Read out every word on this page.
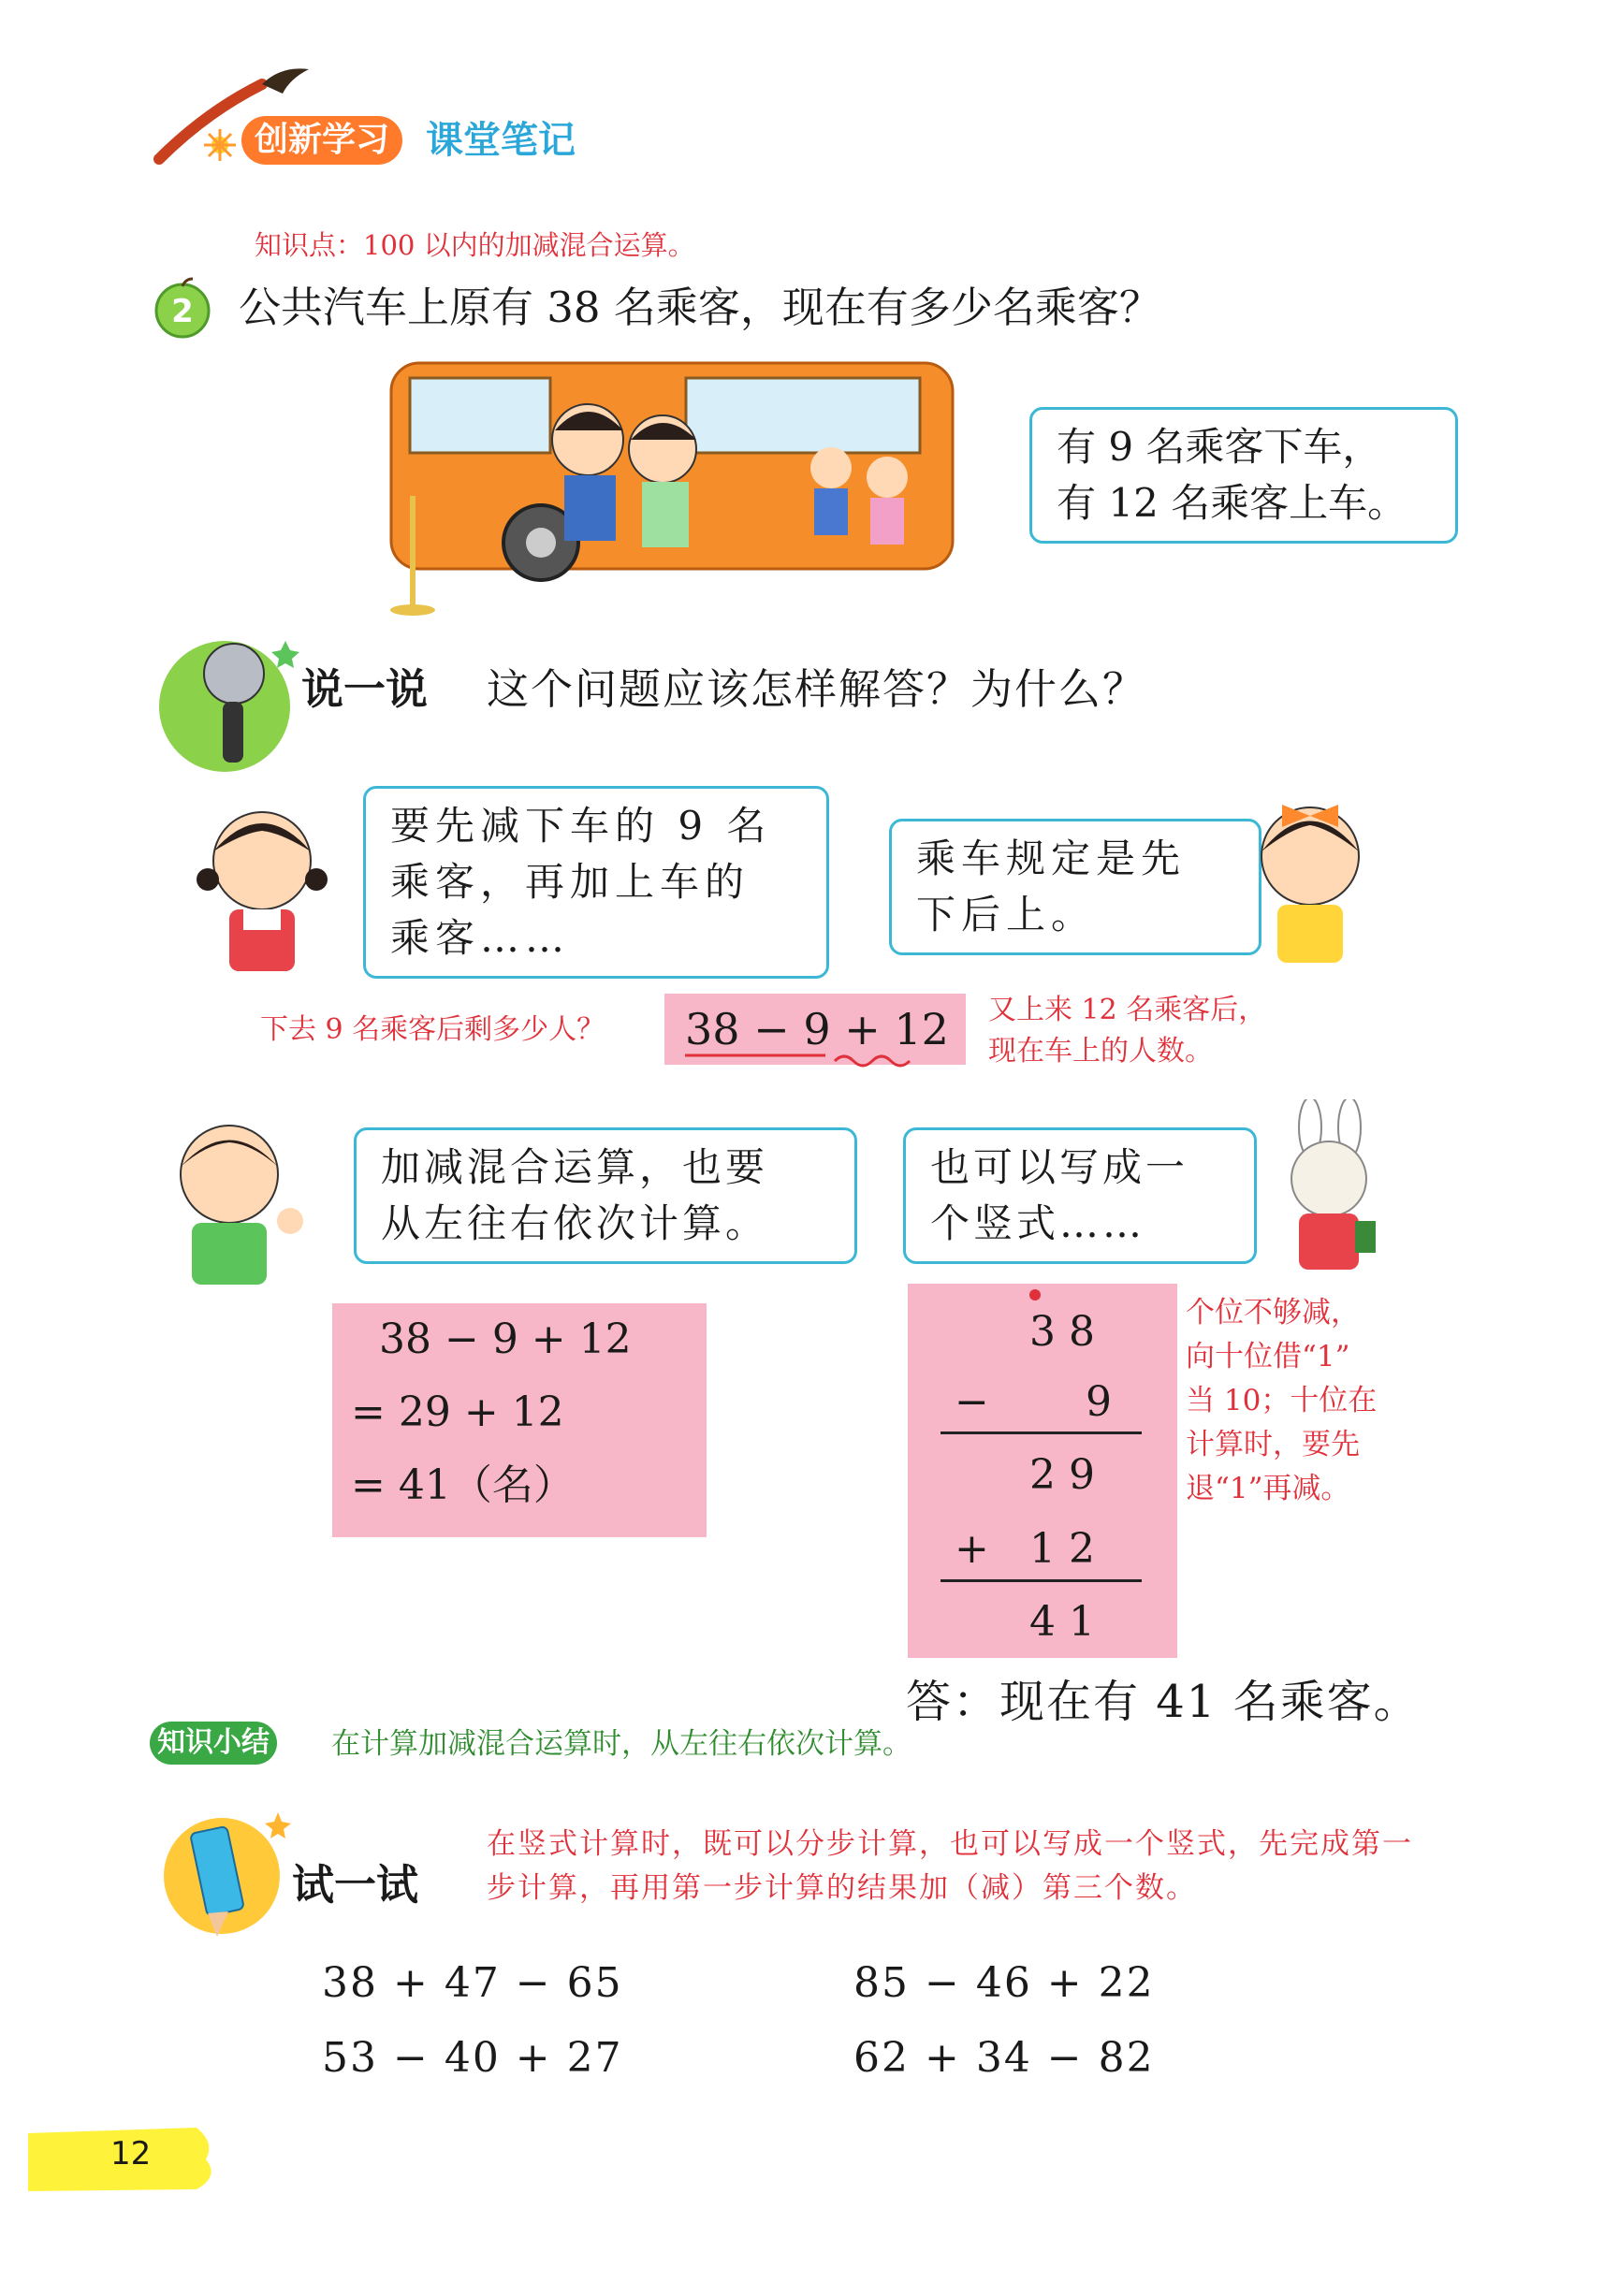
创新学习 课堂笔记
知识点：100 以内的加减混合运算。
2 公共汽车上原有 38 名乘客，现在有多少名乘客？
有 9 名乘客下车，
有 12 名乘客上车。
说一说 这个问题应该怎样解答？为什么？
要先减下车的 9 名
乘客，再加上车的
乘客……
乘车规定是先
下后上。
下去 9 名乘客后剩多少人？ 38 − 9 + 12 又上来 12 名乘客后，
现在车上的人数。
加减混合运算，也要
从左往右依次计算。
也可以写成一
个竖式……
38 − 9 + 12
= 29 + 12
= 41（名）
3 8
− 9
2 9
+ 1 2
4 1
个位不够减，
向十位借“1”
当 10；十位在
计算时，要先
退“1”再减。
答：现在有 41 名乘客。
知识小结 在计算加减混合运算时，从左往右依次计算。
试一试
在竖式计算时，既可以分步计算，也可以写成一个竖式，先完成第一步计算，再用第一步计算的结果加（减）第三个数。
38 + 47 − 65	85 − 46 + 22
53 − 40 + 27	62 + 34 − 82
12
